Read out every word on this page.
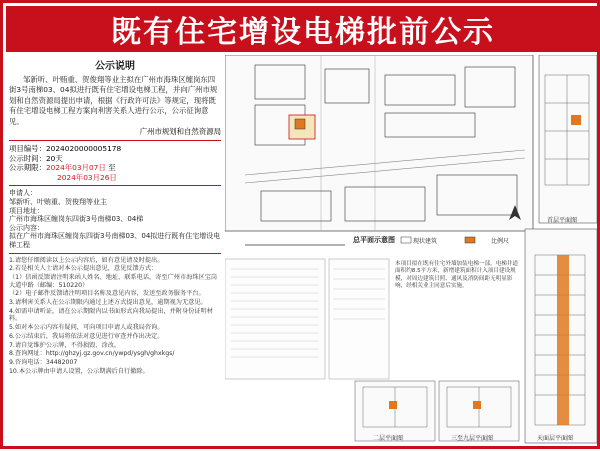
既有住宅增设电梯批前公示
公示说明
邹新听、叶贿重、贺俊翔等业主拟在广州市海珠区缠岗东四街3号南梯03、04拟进行既有住宅增设电梯工程，并向广州市规划和自然资源局提出申请，根据《行政许可法》等规定，现将既有住宅增设电梯工程方案向利害关系人进行公示，公示征询意见。
广州市规划和自然资源局
项目编号：2024020000005178
公示时间：20天
公示期限：2024年03月07日 至
2024年03月26日
申请人：
邹新听、叶贿重、贺俊翔等业主
项目地址：
广州市海珠区缠岗东四街3号南梯03、04梯
公示内容：
拟在广州市海珠区缠岗东四街3号南梯03、04拟进行既有住宅增设电梯工程

1.请您仔细阅读以上公示内容后，如有意见请及时提出。

2.若是相关人士请对本公示提出意见，意见反馈方式：

（1）信函反馈请注明来函人姓名、地址、联系电话，寄至广州市海珠区宝岗大道中路（邮编：510220）

（2）电子邮件反馈请注明项目名称及意见内容，发送至政务服务平台。

3.请利害关系人在公示期限内通过上述方式提出意见，逾期视为无意见。

4.如需申请听证，请在公示期限内以书面形式向我局提出，并附身份证明材料。

5.如对本公示内容有疑问，可向项目申请人或我局咨询。

6.公示结束后，我局将依法对意见进行审查并作出决定。

7.请自觉维护公示牌，不得损毁、涂改。

8.查询网址：http://ghzyj.gz.gov.cn/ywpd/ysgh/ghxkgs/

9.咨询电话：34482007

10.本公示牌由申请人设置，公示期满后自行撤除。

总平面示意图	比例尺
现状建筑
首层平面图
二层平面图	三至九层平面图	天面层平面图
本项目拟在既有住宅外墙加装电梯一部，电梯井道面积约8.5平方米，新增建筑面积计入项目建设规模，对周边建筑日照、通风及消防间距无明显影响，经相关业主同意后实施。
